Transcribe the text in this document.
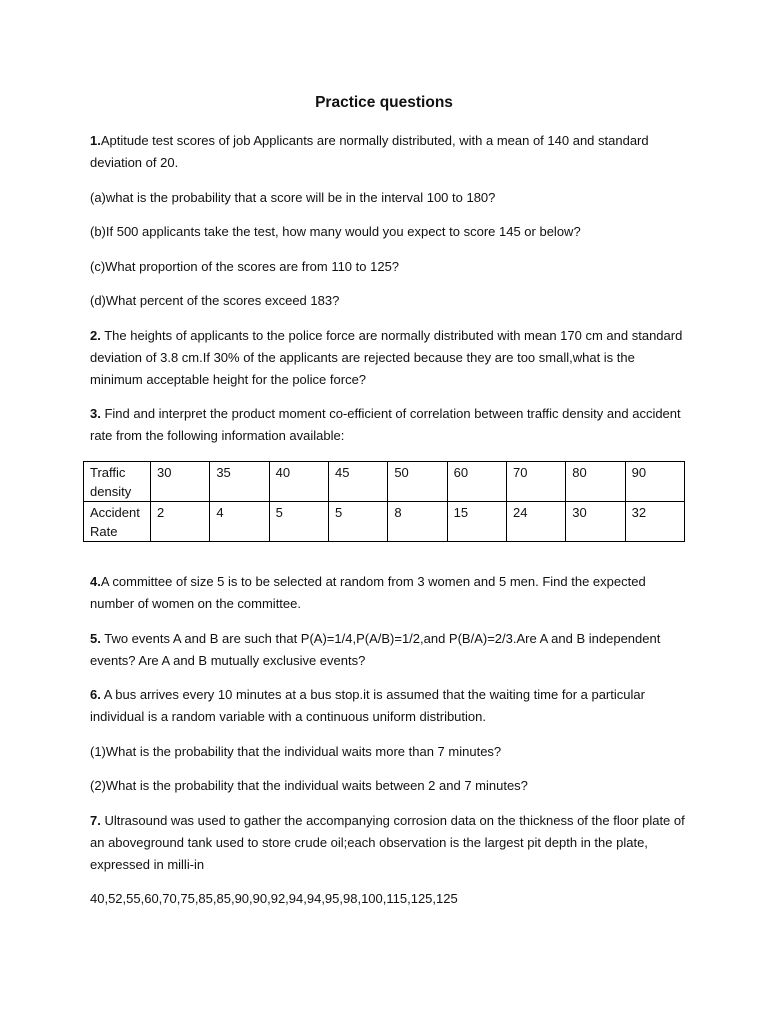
Practice questions

1.Aptitude test scores of job Applicants are normally distributed, with a mean of 140 and standard deviation of 20.

(a)what is the probability that a score will be in the interval 100 to 180?

(b)If 500 applicants take the test, how many would you expect to score 145 or below?

(c)What proportion of the scores are from 110 to 125?

(d)What percent of the scores exceed 183?

2. The heights of applicants to the police force are normally distributed with mean 170 cm and standard deviation of 3.8 cm.If 30% of the applicants are rejected because they are too small,what is the minimum acceptable height for the police force?

3. Find and interpret the product moment co-efficient of correlation between traffic density and accident rate from the following information available:

Traffic density	30	35	40	45	50	60	70	80	90
Accident Rate	2	4	5	5	8	15	24	30	32

4.A committee of size 5 is to be selected at random from 3 women and 5 men. Find the expected number of women on the committee.

5. Two events A and B are such that P(A)=1/4,P(A/B)=1/2,and P(B/A)=2/3.Are A and B independent events? Are A and B mutually exclusive events?

6. A bus arrives every 10 minutes at a bus stop.it is assumed that the waiting time for a particular individual is a random variable with a continuous uniform distribution.

(1)What is the probability that the individual waits more than 7 minutes?

(2)What is the probability that the individual waits between 2 and 7 minutes?

7. Ultrasound was used to gather the accompanying corrosion data on the thickness of the floor plate of an aboveground tank used to store crude oil;each observation is the largest pit depth in the plate, expressed in milli-in

40,52,55,60,70,75,85,85,90,90,92,94,94,95,98,100,115,125,125
